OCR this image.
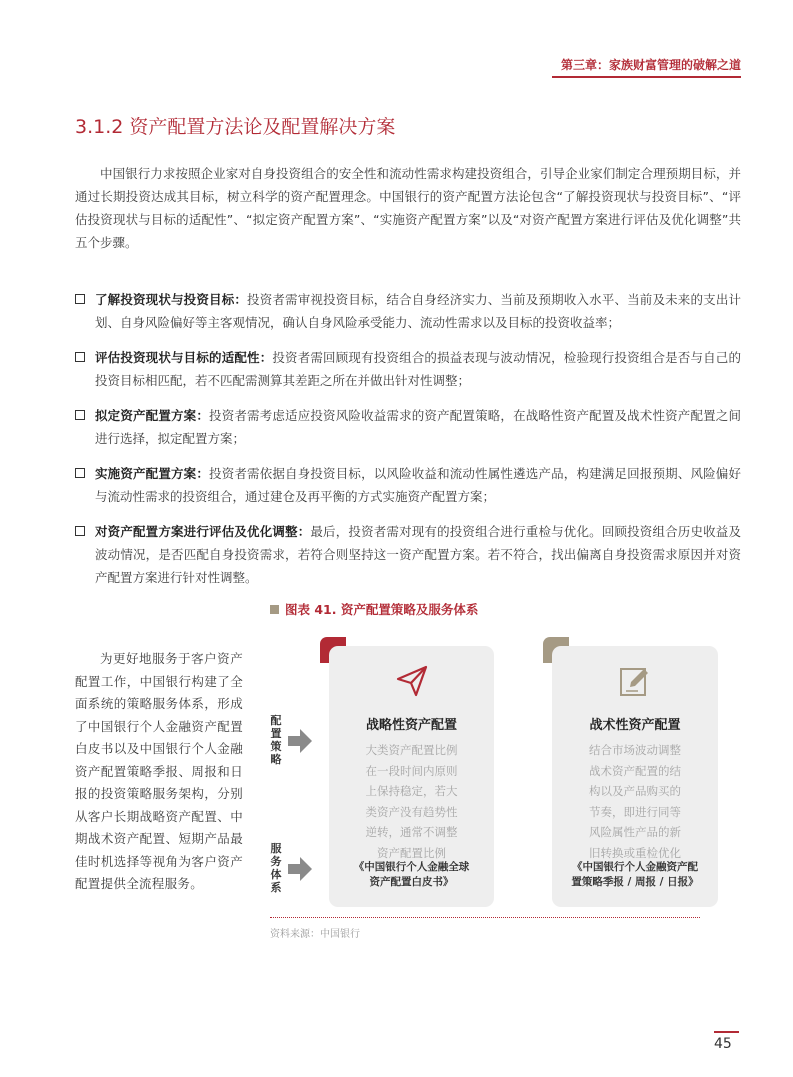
第三章：家族财富管理的破解之道
3.1.2 资产配置方法论及配置解决方案
中国银行力求按照企业家对自身投资组合的安全性和流动性需求构建投资组合，引导企业家们制定合理预期目标，并通过长期投资达成其目标，树立科学的资产配置理念。中国银行的资产配置方法论包含“了解投资现状与投资目标”、“评估投资现状与目标的适配性”、“拟定资产配置方案”、“实施资产配置方案”以及“对资产配置方案进行评估及优化调整”共五个步骤。
了解投资现状与投资目标：投资者需审视投资目标，结合自身经济实力、当前及预期收入水平、当前及未来的支出计划、自身风险偏好等主客观情况，确认自身风险承受能力、流动性需求以及目标的投资收益率；
评估投资现状与目标的适配性：投资者需回顾现有投资组合的损益表现与波动情况，检验现行投资组合是否与自己的投资目标相匹配，若不匹配需测算其差距之所在并做出针对性调整；
拟定资产配置方案：投资者需考虑适应投资风险收益需求的资产配置策略，在战略性资产配置及战术性资产配置之间进行选择，拟定配置方案；
实施资产配置方案：投资者需依据自身投资目标，以风险收益和流动性属性遴选产品，构建满足回报预期、风险偏好与流动性需求的投资组合，通过建仓及再平衡的方式实施资产配置方案；
对资产配置方案进行评估及优化调整：最后，投资者需对现有的投资组合进行重检与优化。回顾投资组合历史收益及波动情况，是否匹配自身投资需求，若符合则坚持这一资产配置方案。若不符合，找出偏离自身投资需求原因并对资产配置方案进行针对性调整。
图表 41. 资产配置策略及服务体系
为更好地服务于客户资产配置工作，中国银行构建了全面系统的策略服务体系，形成了中国银行个人金融资产配置白皮书以及中国银行个人金融资产配置策略季报、周报和日报的投资策略服务架构，分别从客户长期战略资产配置、中期战术资产配置、短期产品最佳时机选择等视角为客户资产配置提供全流程服务。
配置策略
服务体系
战略性资产配置
大类资产配置比例
在一段时间内原则
上保持稳定，若大
类资产没有趋势性
逆转，通常不调整
资产配置比例
《中国银行个人金融全球
资产配置白皮书》
战术性资产配置
结合市场波动调整
战术资产配置的结
构以及产品购买的
节奏，即进行同等
风险属性产品的新
旧转换或重检优化
《中国银行个人金融资产配
置策略季报 / 周报 / 日报》
资料来源：中国银行
45
